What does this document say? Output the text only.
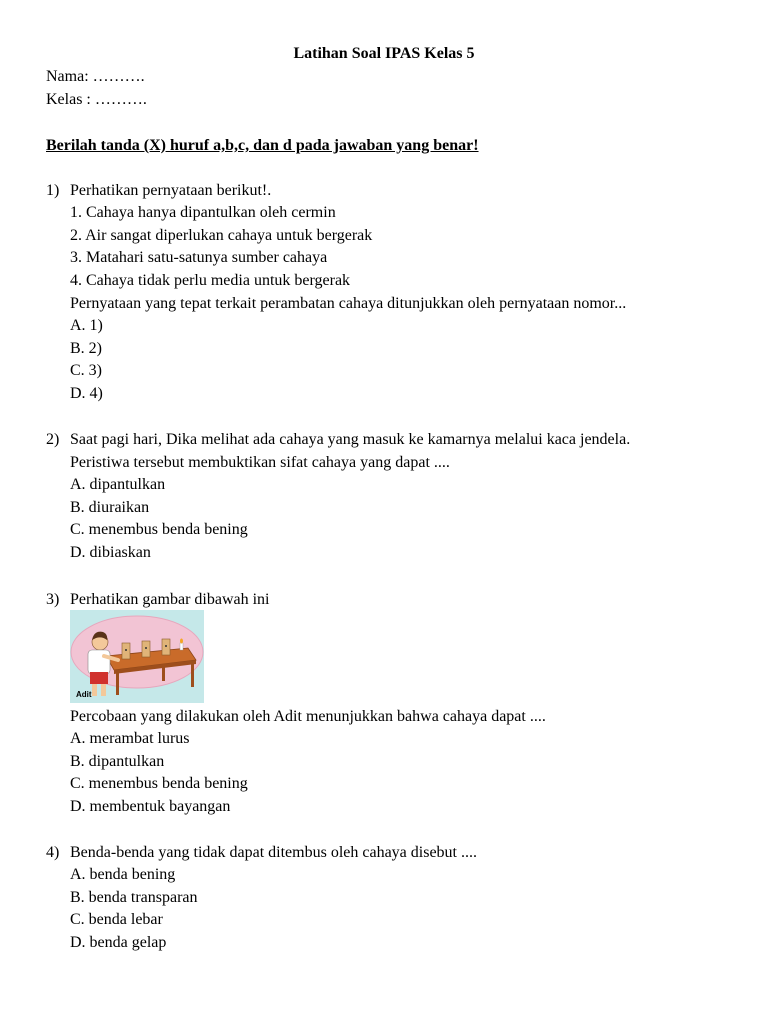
Latihan Soal IPAS Kelas 5
Nama: ……….
Kelas : ……….
Berilah tanda (X) huruf a,b,c, dan d pada jawaban yang benar!
1) Perhatikan pernyataan berikut!.
1. Cahaya hanya dipantulkan oleh cermin
2. Air sangat diperlukan cahaya untuk bergerak
3. Matahari satu-satunya sumber cahaya
4. Cahaya tidak perlu media untuk bergerak
Pernyataan yang tepat terkait perambatan cahaya ditunjukkan oleh pernyataan nomor...
A. 1)
B. 2)
C. 3)
D. 4)
2) Saat pagi hari, Dika melihat ada cahaya yang masuk ke kamarnya melalui kaca jendela.
Peristiwa tersebut membuktikan sifat cahaya yang dapat ....
A. dipantulkan
B. diuraikan
C. menembus benda bening
D. dibiaskan
3) Perhatikan gambar dibawah ini
Adit
Percobaan yang dilakukan oleh Adit menunjukkan bahwa cahaya dapat ....
A. merambat lurus
B. dipantulkan
C. menembus benda bening
D. membentuk bayangan
4) Benda-benda yang tidak dapat ditembus oleh cahaya disebut ....
A. benda bening
B. benda transparan
C. benda lebar
D. benda gelap
